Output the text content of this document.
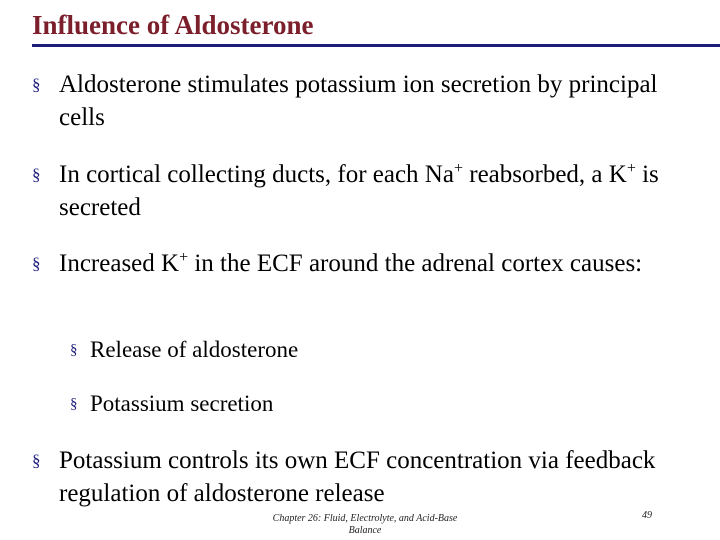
Influence of Aldosterone
§ Aldosterone stimulates potassium ion secretion by principal cells
§ In cortical collecting ducts, for each Na+ reabsorbed, a K+ is secreted
§ Increased K+ in the ECF around the adrenal cortex causes:
§ Release of aldosterone
§ Potassium secretion
§ Potassium controls its own ECF concentration via feedback regulation of aldosterone release
Chapter 26: Fluid, Electrolyte, and Acid-Base Balance
49
